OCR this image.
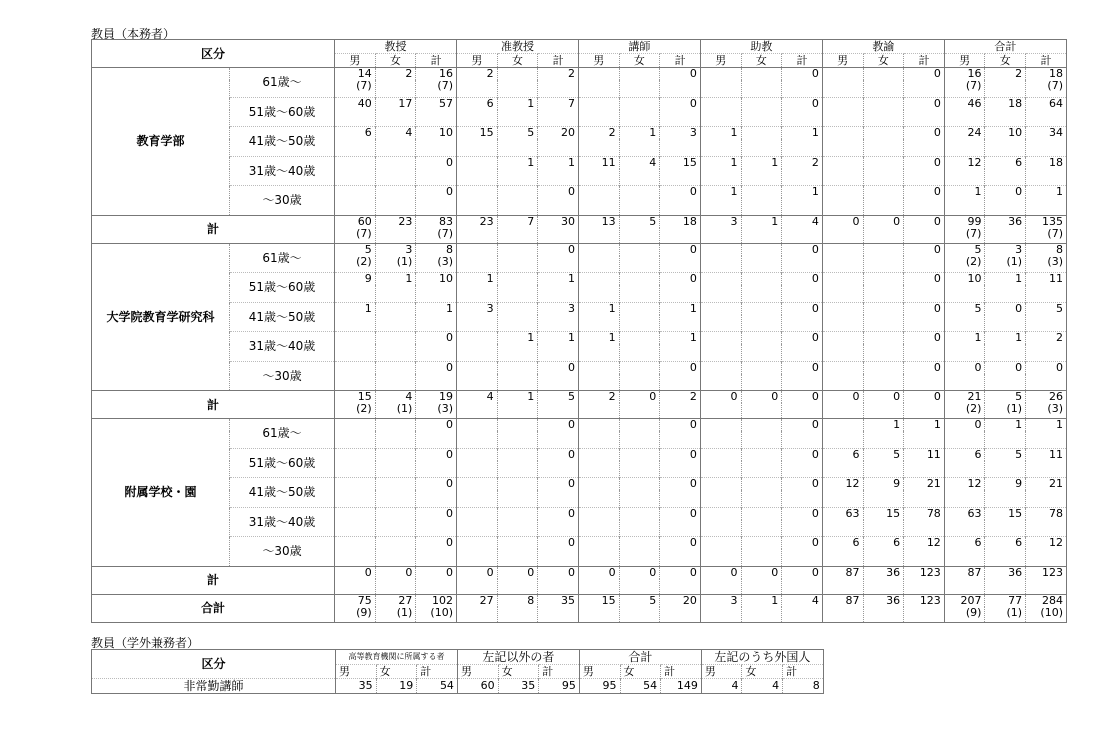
教員（本務者）
区分		教授			准教授			講師			助教			教諭			合計		
		男	女	計	男	女	計	男	女	計	男	女	計	男	女	計	男	女	計
教育学部	61歳～	14	2	16	2		2			0			0			0	16	2	18
		(7)		(7)													(7)		(7)
	51歳～60歳	40	17	57	6	1	7			0			0			0	46	18	64

	41歳～50歳	6	4	10	15	5	20	2	1	3	1		1			0	24	10	34

	31歳～40歳			0		1	1	11	4	15	1	1	2			0	12	6	18

	～30歳			0			0			0	1		1			0	1	0	1

計		60	23	83	23	7	30	13	5	18	3	1	4	0	0	0	99	36	135
		(7)		(7)													(7)		(7)
大学院教育学研究科	61歳～	5	3	8			0			0			0			0	5	3	8
		(2)	(1)	(3)													(2)	(1)	(3)
	51歳～60歳	9	1	10	1		1			0			0			0	10	1	11

	41歳～50歳	1		1	3		3	1		1			0			0	5	0	5

	31歳～40歳			0		1	1	1		1			0			0	1	1	2

	～30歳			0			0			0			0			0	0	0	0

計		15	4	19	4	1	5	2	0	2	0	0	0	0	0	0	21	5	26
		(2)	(1)	(3)													(2)	(1)	(3)
附属学校・園	61歳～			0			0			0			0		1	1	0	1	1

	51歳～60歳			0			0			0			0	6	5	11	6	5	11

	41歳～50歳			0			0			0			0	12	9	21	12	9	21

	31歳～40歳			0			0			0			0	63	15	78	63	15	78

	～30歳			0			0			0			0	6	6	12	6	6	12

計		0	0	0	0	0	0	0	0	0	0	0	0	87	36	123	87	36	123

合計		75	27	102	27	8	35	15	5	20	3	1	4	87	36	123	207	77	284
		(9)	(1)	(10)													(9)	(1)	(10)
教員（学外兼務者）
区分	高等教育機関に所属する者			左記以外の者			合計			左記のうち外国人		
	男	女	計	男	女	計	男	女	計	男	女	計
非常勤講師	35	19	54	60	35	95	95	54	149	4	4	8
